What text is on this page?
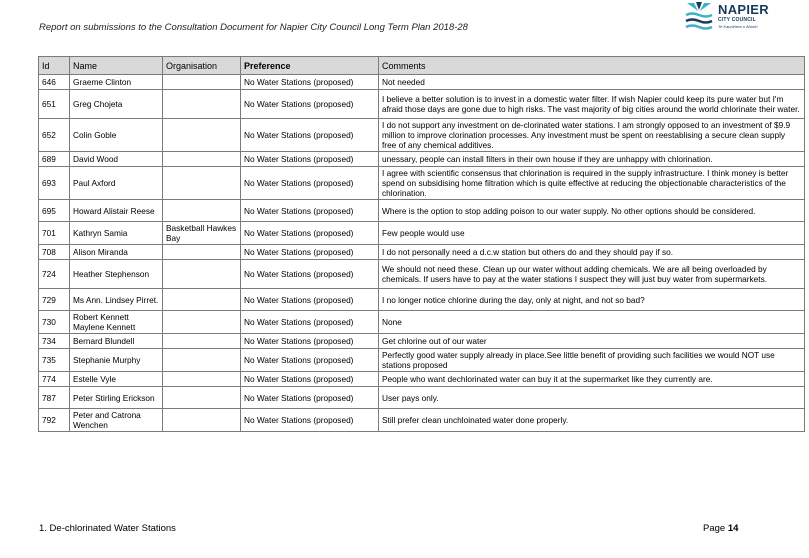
Report on submissions to the Consultation Document for Napier City Council Long Term Plan 2018-28
NAPIER
CITY COUNCIL
Te Kaunihera o Ahuriri
Id	Name	Organisation	Preference	Comments
646	Graeme Clinton		No Water Stations (proposed)	Not needed
651	Greg Chojeta		No Water Stations (proposed)	I believe a better solution is to invest in a domestic water filter. If wish Napier could keep its pure water but I'm afraid those days are gone due to high risks. The vast majority of big cities around the world chlorinate their water.
652	Colin Goble		No Water Stations (proposed)	I do not support any investment on de-clorinated water stations. I am strongly opposed to an investment of $9.9 million to improve clorination processes. Any investment must be spent on reestablising a secure clean supply free of any chemical additives.
689	David Wood		No Water Stations (proposed)	unessary, people can install filters in their own house if they are unhappy with chlorination.
693	Paul Axford		No Water Stations (proposed)	I agree with scientific consensus that chlorination is required in the supply infrastructure. I think money is better spend on subsidising home filtration which is quite effective at reducing the objectionable characteristics of the chlorination.
695	Howard Alistair Reese		No Water Stations (proposed)	Where is the option to stop adding poison to our water supply. No other options should be considered.
701	Kathryn Samia	Basketball Hawkes Bay	No Water Stations (proposed)	Few people would use
708	Alison Miranda		No Water Stations (proposed)	I do not personally need a d.c.w station but others do and they should pay if so.
724	Heather Stephenson		No Water Stations (proposed)	We should not need these. Clean up our water without adding chemicals. We are all being overloaded by chemicals. If users have to pay at the water stations I suspect they will just buy water from supermarkets.
729	Ms Ann. Lindsey Pirret.		No Water Stations (proposed)	I no longer notice chlorine during the day, only at night, and not so bad?
730	Robert Kennett Maylene Kennett		No Water Stations (proposed)	None
734	Bernard Blundell		No Water Stations (proposed)	Get chlorine out of our water
735	Stephanie Murphy		No Water Stations (proposed)	Perfectly good water supply already in place.See little benefit of providing such facilities we would NOT use stations proposed
774	Estelle Vyle		No Water Stations (proposed)	People who want dechlorinated water can buy it at the supermarket like they currently are.
787	Peter Stirling Erickson		No Water Stations (proposed)	User pays only.
792	Peter and Catrona Wenchen		No Water Stations (proposed)	Still prefer clean unchloinated water done properly.
1. De-chlorinated Water Stations	Page 14
